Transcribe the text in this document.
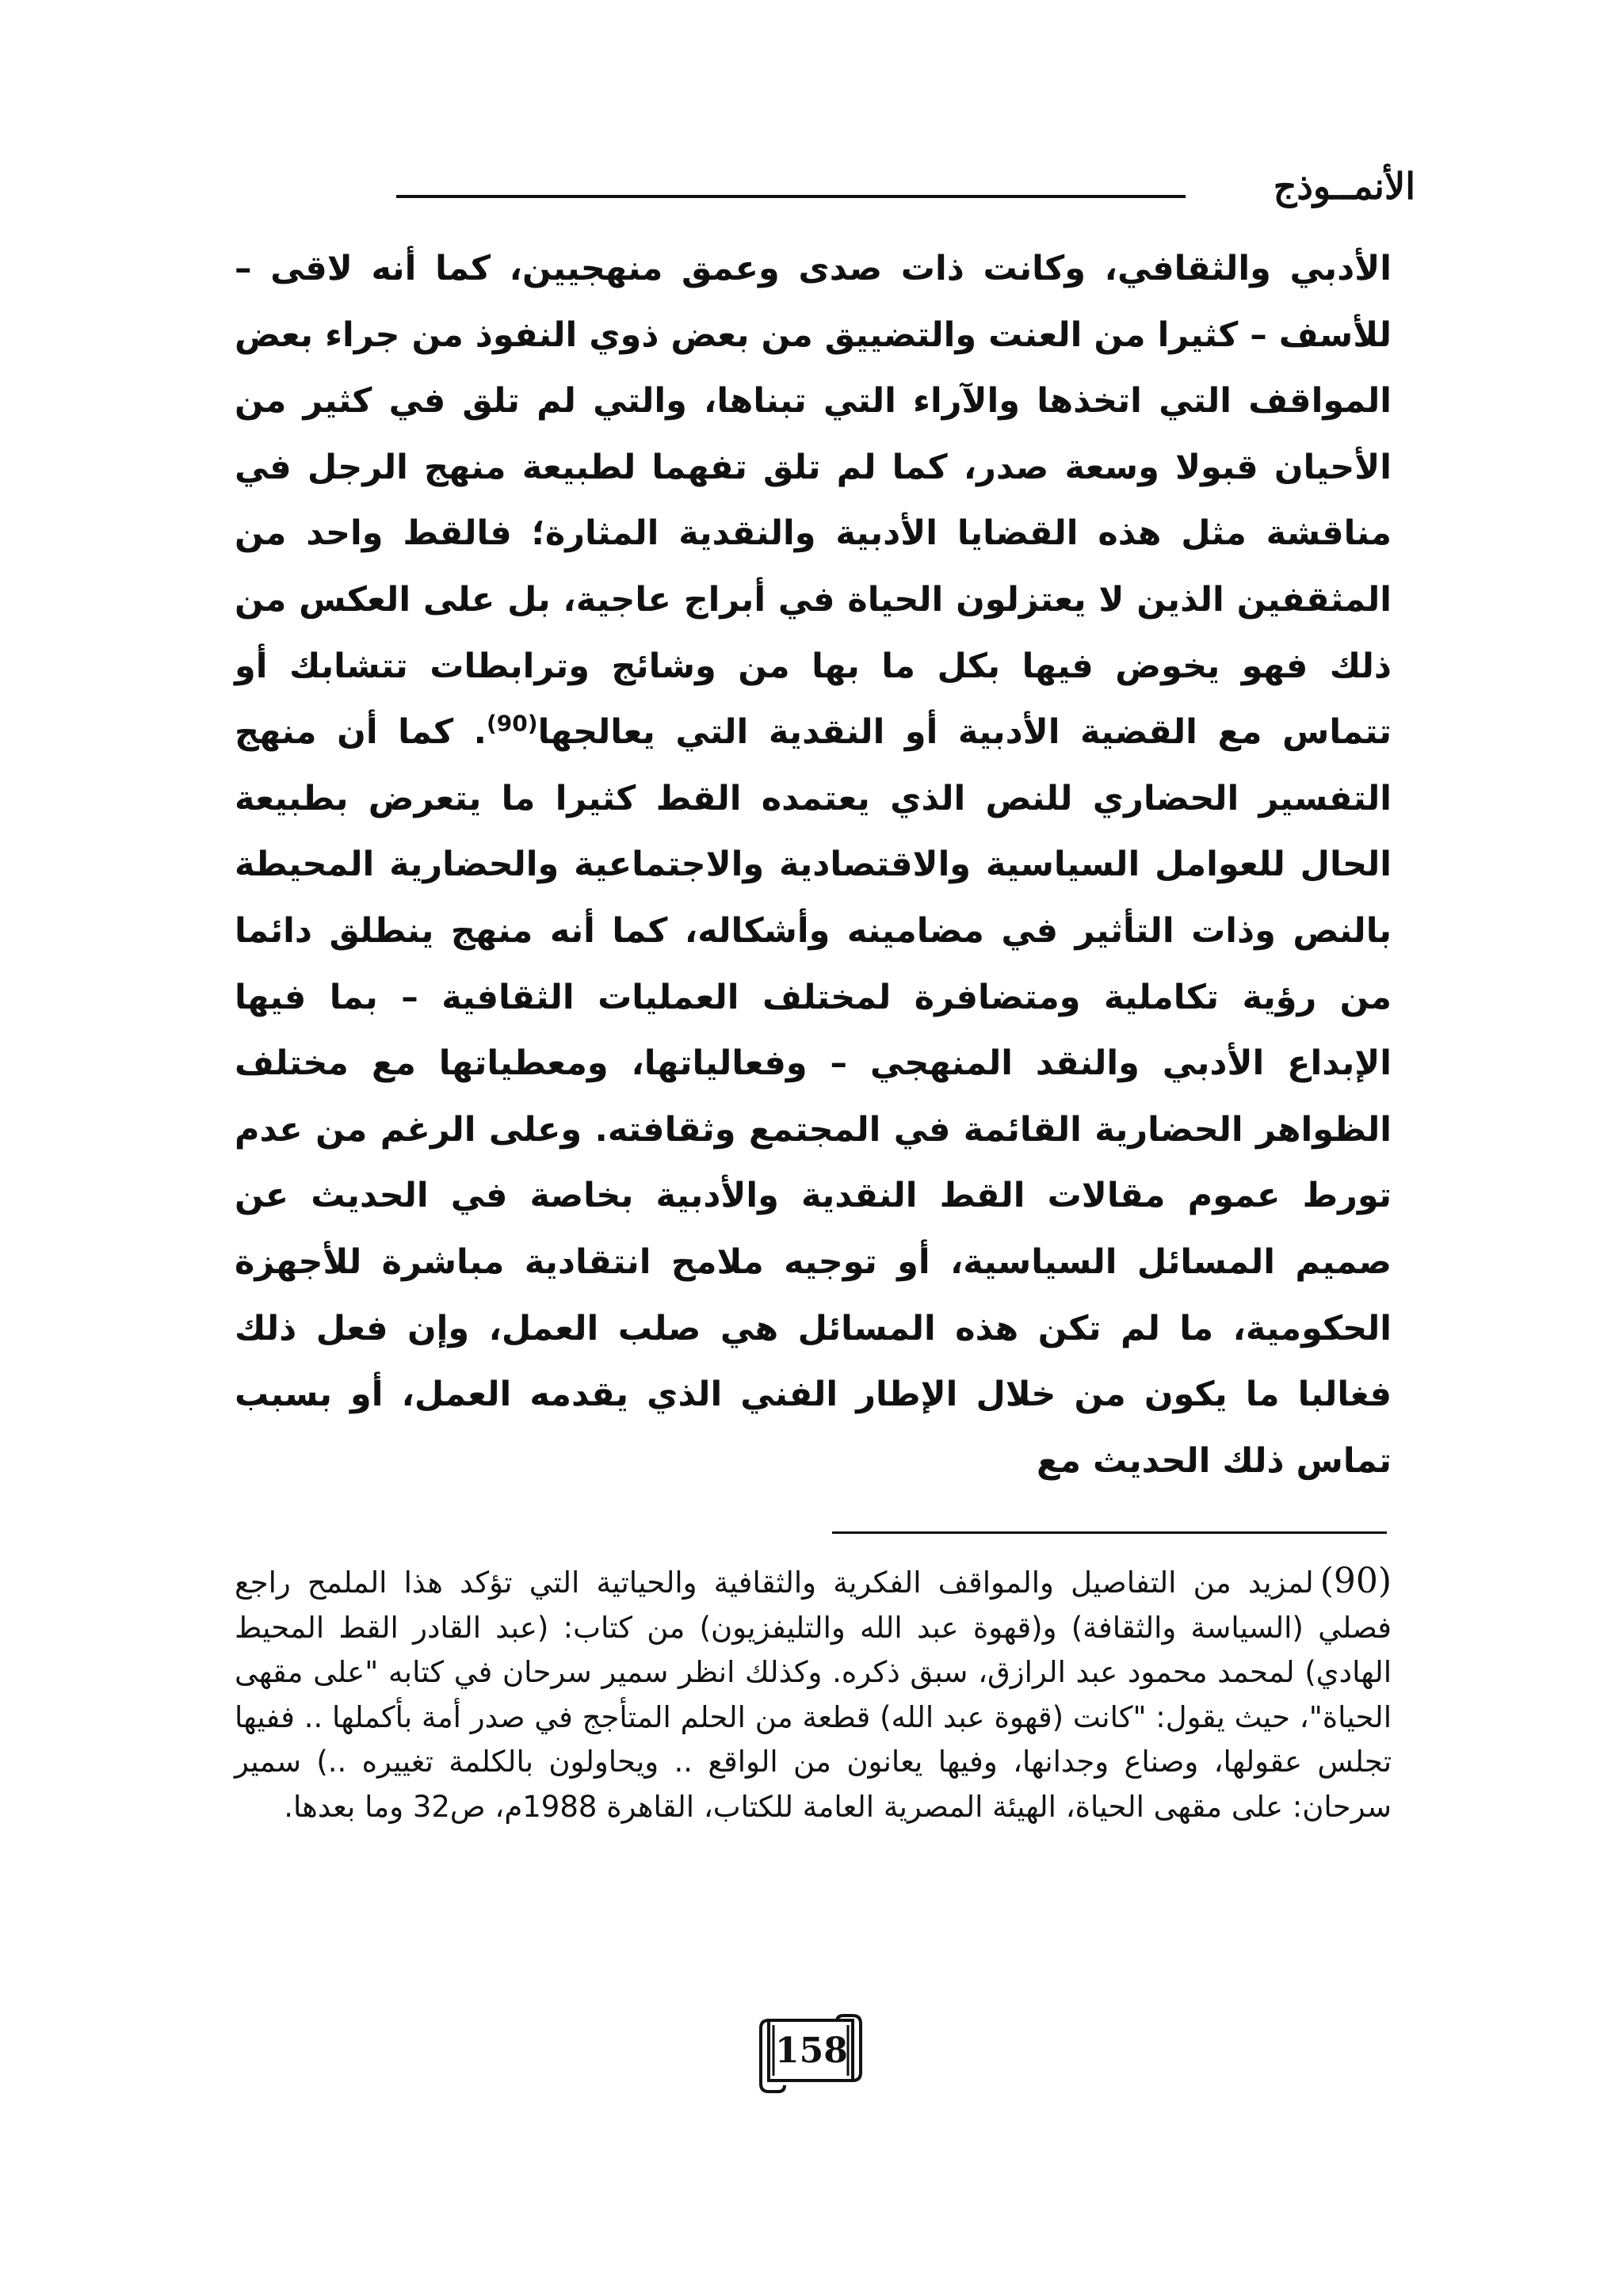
الأنمــوذج

الأدبي والثقافي، وكانت ذات صدى وعمق منهجيين، كما أنه لاقى – للأسف – كثيرا من العنت والتضييق من بعض ذوي النفوذ من جراء بعض المواقف التي اتخذها والآراء التي تبناها، والتي لم تلق في كثير من الأحيان قبولا وسعة صدر، كما لم تلق تفهما لطبيعة منهج الرجل في مناقشة مثل هذه القضايا الأدبية والنقدية المثارة؛ فالقط واحد من المثقفين الذين لا يعتزلون الحياة في أبراج عاجية، بل على العكس من ذلك فهو يخوض فيها بكل ما بها من وشائج وترابطات تتشابك أو تتماس مع القضية الأدبية أو النقدية التي يعالجها$^{(90)}$. كما أن منهج التفسير الحضاري للنص الذي يعتمده القط كثيرا ما يتعرض بطبيعة الحال للعوامل السياسية والاقتصادية والاجتماعية والحضارية المحيطة بالنص وذات التأثير في مضامينه وأشكاله، كما أنه منهج ينطلق دائما من رؤية تكاملية ومتضافرة لمختلف العمليات الثقافية – بما فيها الإبداع الأدبي والنقد المنهجي – وفعالياتها، ومعطياتها مع مختلف الظواهر الحضارية القائمة في المجتمع وثقافته. وعلى الرغم من عدم تورط عموم مقالات القط النقدية والأدبية بخاصة في الحديث عن صميم المسائل السياسية، أو توجيه ملامح انتقادية مباشرة للأجهزة الحكومية، ما لم تكن هذه المسائل هي صلب العمل، وإن فعل ذلك فغالبا ما يكون من خلال الإطار الفني الذي يقدمه العمل، أو بسبب تماس ذلك الحديث مع

(90)لمزيد من التفاصيل والمواقف الفكرية والثقافية والحياتية التي تؤكد هذا الملمح راجع فصلي (السياسة والثقافة) و(قهوة عبد الله والتليفزيون) من كتاب: (عبد القادر القط المحيط الهادي) لمحمد محمود عبد الرازق، سبق ذكره. وكذلك انظر سمير سرحان في كتابه "على مقهى الحياة"، حيث يقول: "كانت (قهوة عبد الله) قطعة من الحلم المتأجج في صدر أمة بأكملها .. ففيها تجلس عقولها، وصناع وجدانها، وفيها يعانون من الواقع .. ويحاولون بالكلمة تغييره ..) سمير سرحان: على مقهى الحياة، الهيئة المصرية العامة للكتاب، القاهرة 1988م، ص32 وما بعدها.

158
